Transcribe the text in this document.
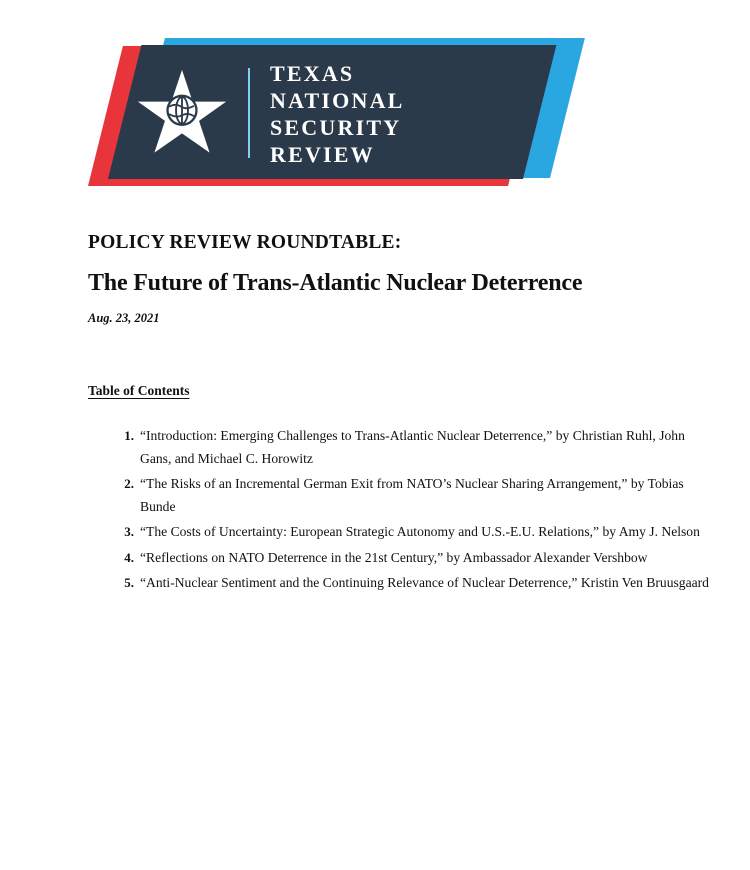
TEXAS
NATIONAL
SECURITY
REVIEW

POLICY REVIEW ROUNDTABLE:

The Future of Trans-Atlantic Nuclear Deterrence

Aug. 23, 2021

Table of Contents
“Introduction: Emerging Challenges to Trans-Atlantic Nuclear Deterrence,” by Christian Ruhl, John Gans, and Michael C. Horowitz
“The Risks of an Incremental German Exit from NATO’s Nuclear Sharing Arrangement,” by Tobias Bunde
“The Costs of Uncertainty: European Strategic Autonomy and U.S.-E.U. Relations,” by Amy J. Nelson
“Reflections on NATO Deterrence in the 21st Century,” by Ambassador Alexander Vershbow
“Anti-Nuclear Sentiment and the Continuing Relevance of Nuclear Deterrence,” Kristin Ven Bruusgaard
